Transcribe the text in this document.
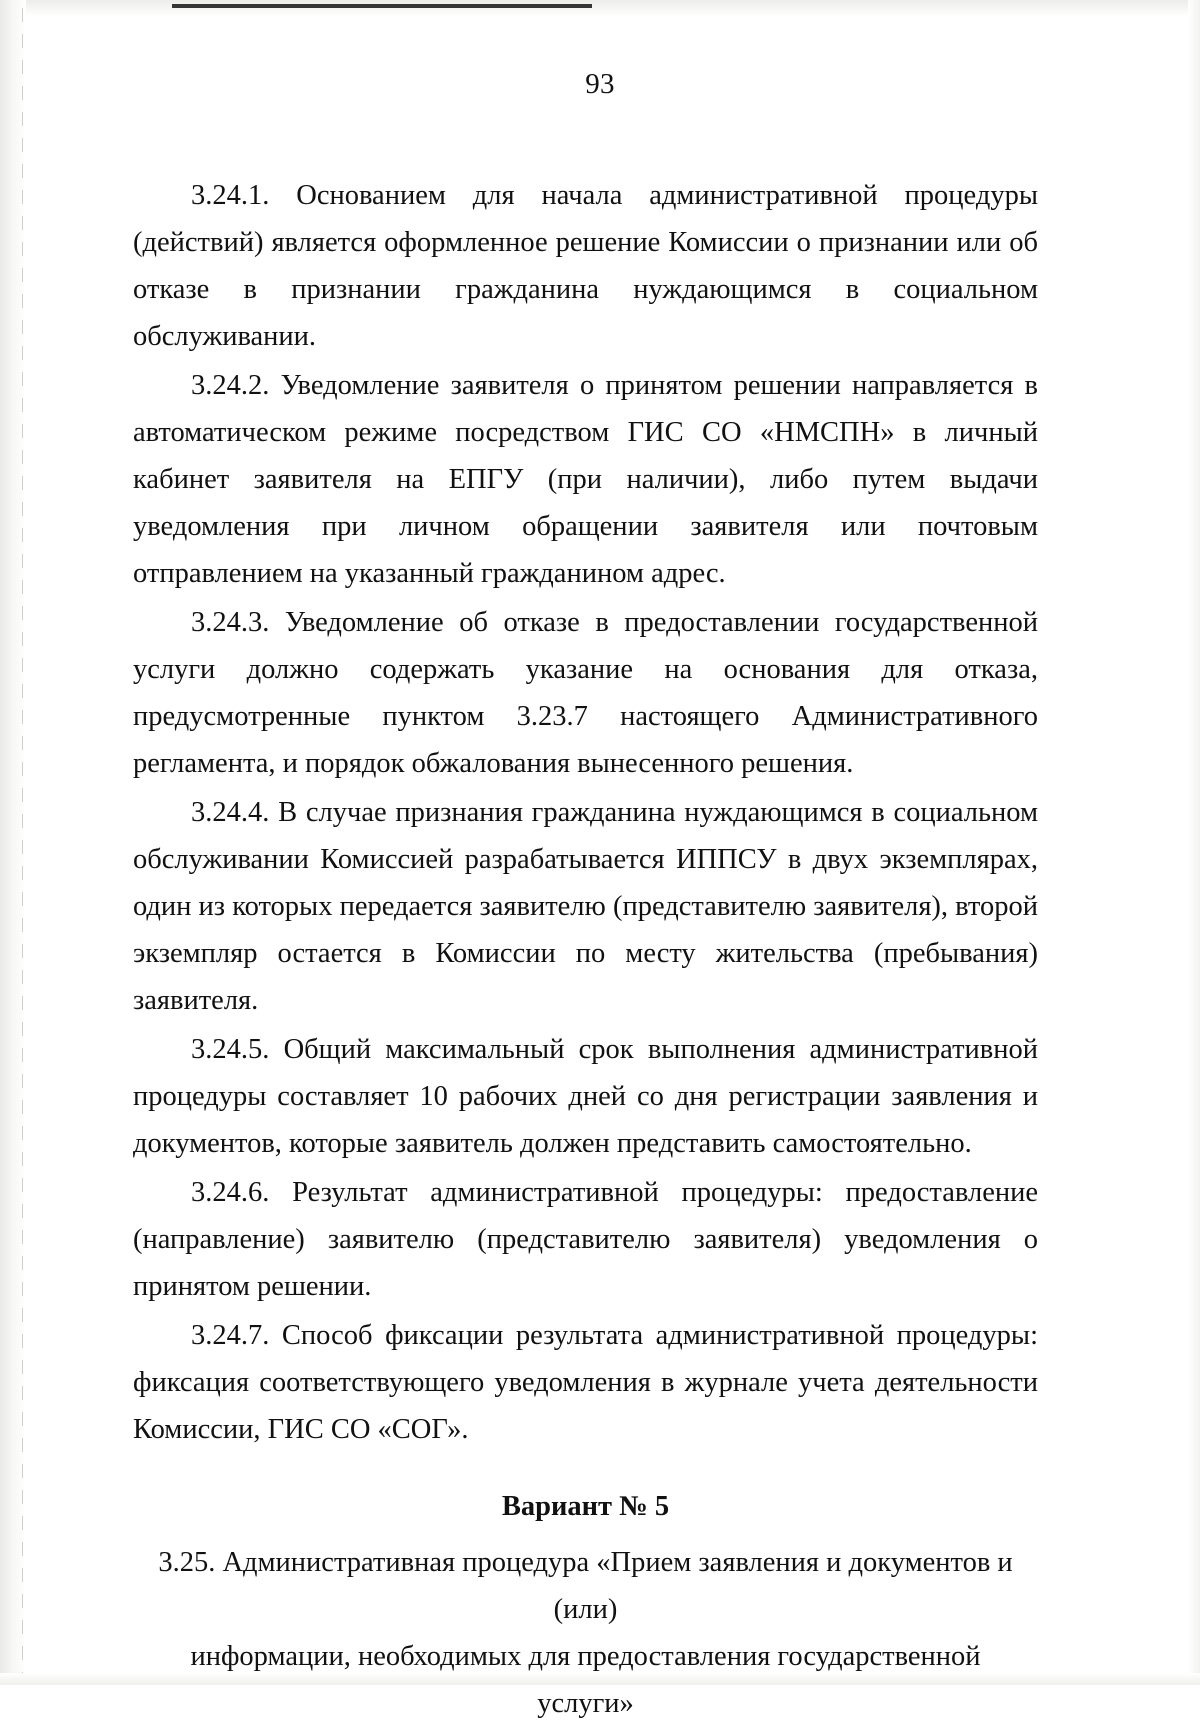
93

3.24.1. Основанием для начала административной процедуры (действий) является оформленное решение Комиссии о признании или об отказе в признании гражданина нуждающимся в социальном обслуживании.

3.24.2. Уведомление заявителя о принятом решении направляется в автоматическом режиме посредством ГИС СО «НМСПН» в личный кабинет заявителя на ЕПГУ (при наличии), либо путем выдачи уведомления при личном обращении заявителя или почтовым отправлением на указанный гражданином адрес.

3.24.3. Уведомление об отказе в предоставлении государственной услуги должно содержать указание на основания для отказа, предусмотренные пунктом 3.23.7 настоящего Административного регламента, и порядок обжалования вынесенного решения.

3.24.4. В случае признания гражданина нуждающимся в социальном обслуживании Комиссией разрабатывается ИППСУ в двух экземплярах, один из которых передается заявителю (представителю заявителя), второй экземпляр остается в Комиссии по месту жительства (пребывания) заявителя.

3.24.5. Общий максимальный срок выполнения административной процедуры составляет 10 рабочих дней со дня регистрации заявления и документов, которые заявитель должен представить самостоятельно.

3.24.6. Результат административной процедуры: предоставление (направление) заявителю (представителю заявителя) уведомления о принятом решении.

3.24.7. Способ фиксации результата административной процедуры: фиксация соответствующего уведомления в журнале учета деятельности Комиссии, ГИС СО «СОГ».

Вариант № 5
3.25. Административная процедура «Прием заявления и документов и (или)
информации, необходимых для предоставления государственной услуги»
